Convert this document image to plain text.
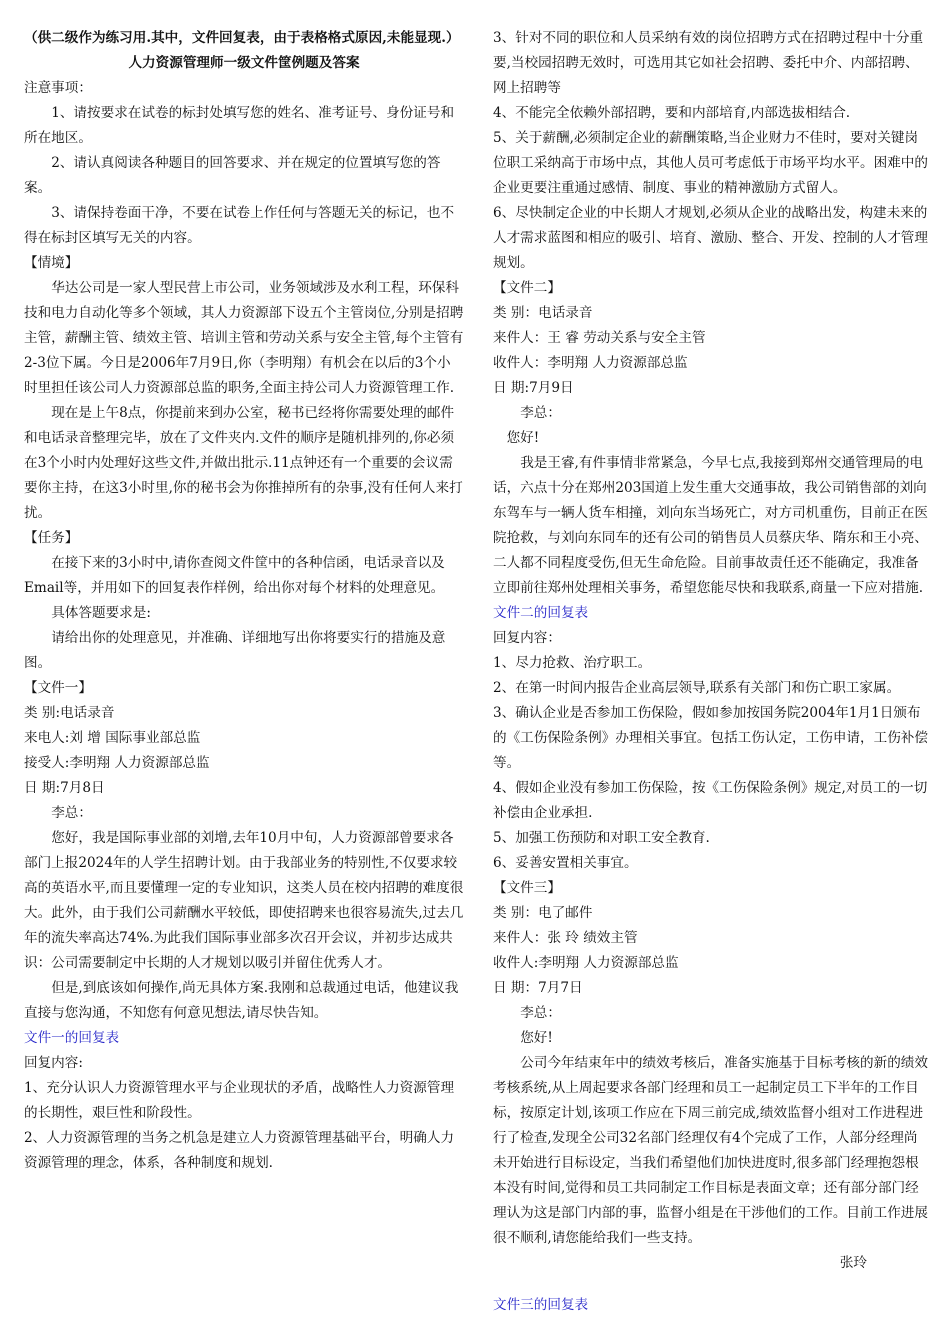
（供二级作为练习用.其中，文件回复表，由于表格格式原因,未能显现.）

人力资源管理师一级文件筐例题及答案

注意事项：

1、请按要求在试卷的标封处填写您的姓名、准考证号、身份证号和所在地区。

2、请认真阅读各种题目的回答要求、并在规定的位置填写您的答案。

3、请保持卷面干净，不要在试卷上作任何与答题无关的标记，也不得在标封区填写无关的内容。

【情境】

华达公司是一家人型民营上市公司，业务领域涉及水利工程，环保科技和电力自动化等多个领域，其人力资源部下设五个主管岗位,分别是招聘主管，薪酬主管、绩效主管、培训主管和劳动关系与安全主管,每个主管有2-3位下属。今日是2006年7月9日,你（李明翔）有机会在以后的3个小时里担任该公司人力资源部总监的职务,全面主持公司人力资源管理工作.

现在是上午8点，你提前来到办公室，秘书已经将你需要处理的邮件和电话录音整理完毕，放在了文件夹内.文件的顺序是随机排列的,你必须在3个小时内处理好这些文件,并做出批示.11点钟还有一个重要的会议需要你主持，在这3小时里,你的秘书会为你推掉所有的杂事,没有任何人来打扰。

【任务】

在接下来的3小时中,请你查阅文件筐中的各种信函，电话录音以及Email等，并用如下的回复表作样例，给出你对每个材料的处理意见。

具体答题要求是:

请给出你的处理意见，并准确、详细地写出你将要实行的措施及意图。

【文件一】

类 别:电话录音

来电人:刘 增 国际事业部总监

接受人:李明翔 人力资源部总监

日 期:7月8日

李总：

您好，我是国际事业部的刘增,去年10月中旬，人力资源部曾要求各部门上报2024年的人学生招聘计划。由于我部业务的特别性,不仅要求较高的英语水平,而且要懂理一定的专业知识，这类人员在校内招聘的难度很大。此外，由于我们公司薪酬水平较低，即使招聘来也很容易流失,过去几年的流失率高达74%.为此我们国际事业部多次召开会议，并初步达成共识：公司需要制定中长期的人才规划以吸引并留住优秀人才。

但是,到底该如何操作,尚无具体方案.我刚和总裁通过电话，他建议我直接与您沟通，不知您有何意见想法,请尽快告知。

文件一的回复表

回复内容:

1、充分认识人力资源管理水平与企业现状的矛盾，战略性人力资源管理的长期性，艰巨性和阶段性。

2、人力资源管理的当务之机急是建立人力资源管理基础平台，明确人力资源管理的理念，体系，各种制度和规划.

3、针对不同的职位和人员采纳有效的岗位招聘方式在招聘过程中十分重要,当校园招聘无效时，可选用其它如社会招聘、委托中介、内部招聘、网上招聘等

4、不能完全依赖外部招聘，要和内部培育,内部选拔相结合.

5、关于薪酬,必须制定企业的薪酬策略,当企业财力不佳时，要对关键岗位职工采纳高于市场中点，其他人员可考虑低于市场平均水平。困难中的企业更要注重通过感情、制度、事业的精神激励方式留人。

6、尽快制定企业的中长期人才规划,必须从企业的战略出发，构建未来的人才需求蓝图和相应的吸引、培育、激励、整合、开发、控制的人才管理规划。

【文件二】

类 别：电话录音

来件人：王 睿 劳动关系与安全主管

收件人：李明翔 人力资源部总监

日 期:7月9日

李总：

您好!

我是王睿,有件事情非常紧急，今早七点,我接到郑州交通管理局的电话，六点十分在郑州203国道上发生重大交通事故，我公司销售部的刘向东驾车与一辆人货车相撞，刘向东当场死亡，对方司机重伤，目前正在医院抢救，与刘向东同车的还有公司的销售员人员蔡庆华、隋东和王小亮、二人都不同程度受伤,但无生命危险。目前事故责任还不能确定，我准备立即前往郑州处理相关事务，希望您能尽快和我联系,商量一下应对措施.

文件二的回复表

回复内容：

1、尽力抢救、治疗职工。

2、在第一时间内报告企业高层领导,联系有关部门和伤亡职工家属。

3、确认企业是否参加工伤保险，假如参加按国务院2004年1月1日颁布的《工伤保险条例》办理相关事宜。包括工伤认定，工伤申请，工伤补偿等。

4、假如企业没有参加工伤保险，按《工伤保险条例》规定,对员工的一切补偿由企业承担.

5、加强工伤预防和对职工安全教育.

6、妥善安置相关事宜。

【文件三】

类 别：电了邮件

来件人：张 玲 绩效主管

收件人:李明翔 人力资源部总监

日 期：7月7日

李总：

您好!

公司今年结束年中的绩效考核后，准备实施基于目标考核的新的绩效考核系统,从上周起要求各部门经理和员工一起制定员工下半年的工作目标，按原定计划,该项工作应在下周三前完成,绩效监督小组对工作进程进行了检查,发现全公司32名部门经理仅有4个完成了工作，人部分经理尚未开始进行目标设定，当我们希望他们加快进度时,很多部门经理抱怨根本没有时间,觉得和员工共同制定工作目标是表面文章；还有部分部门经理认为这是部门内部的事，监督小组是在干涉他们的工作。目前工作进展很不顺利,请您能给我们一些支持。

张玲

文件三的回复表
